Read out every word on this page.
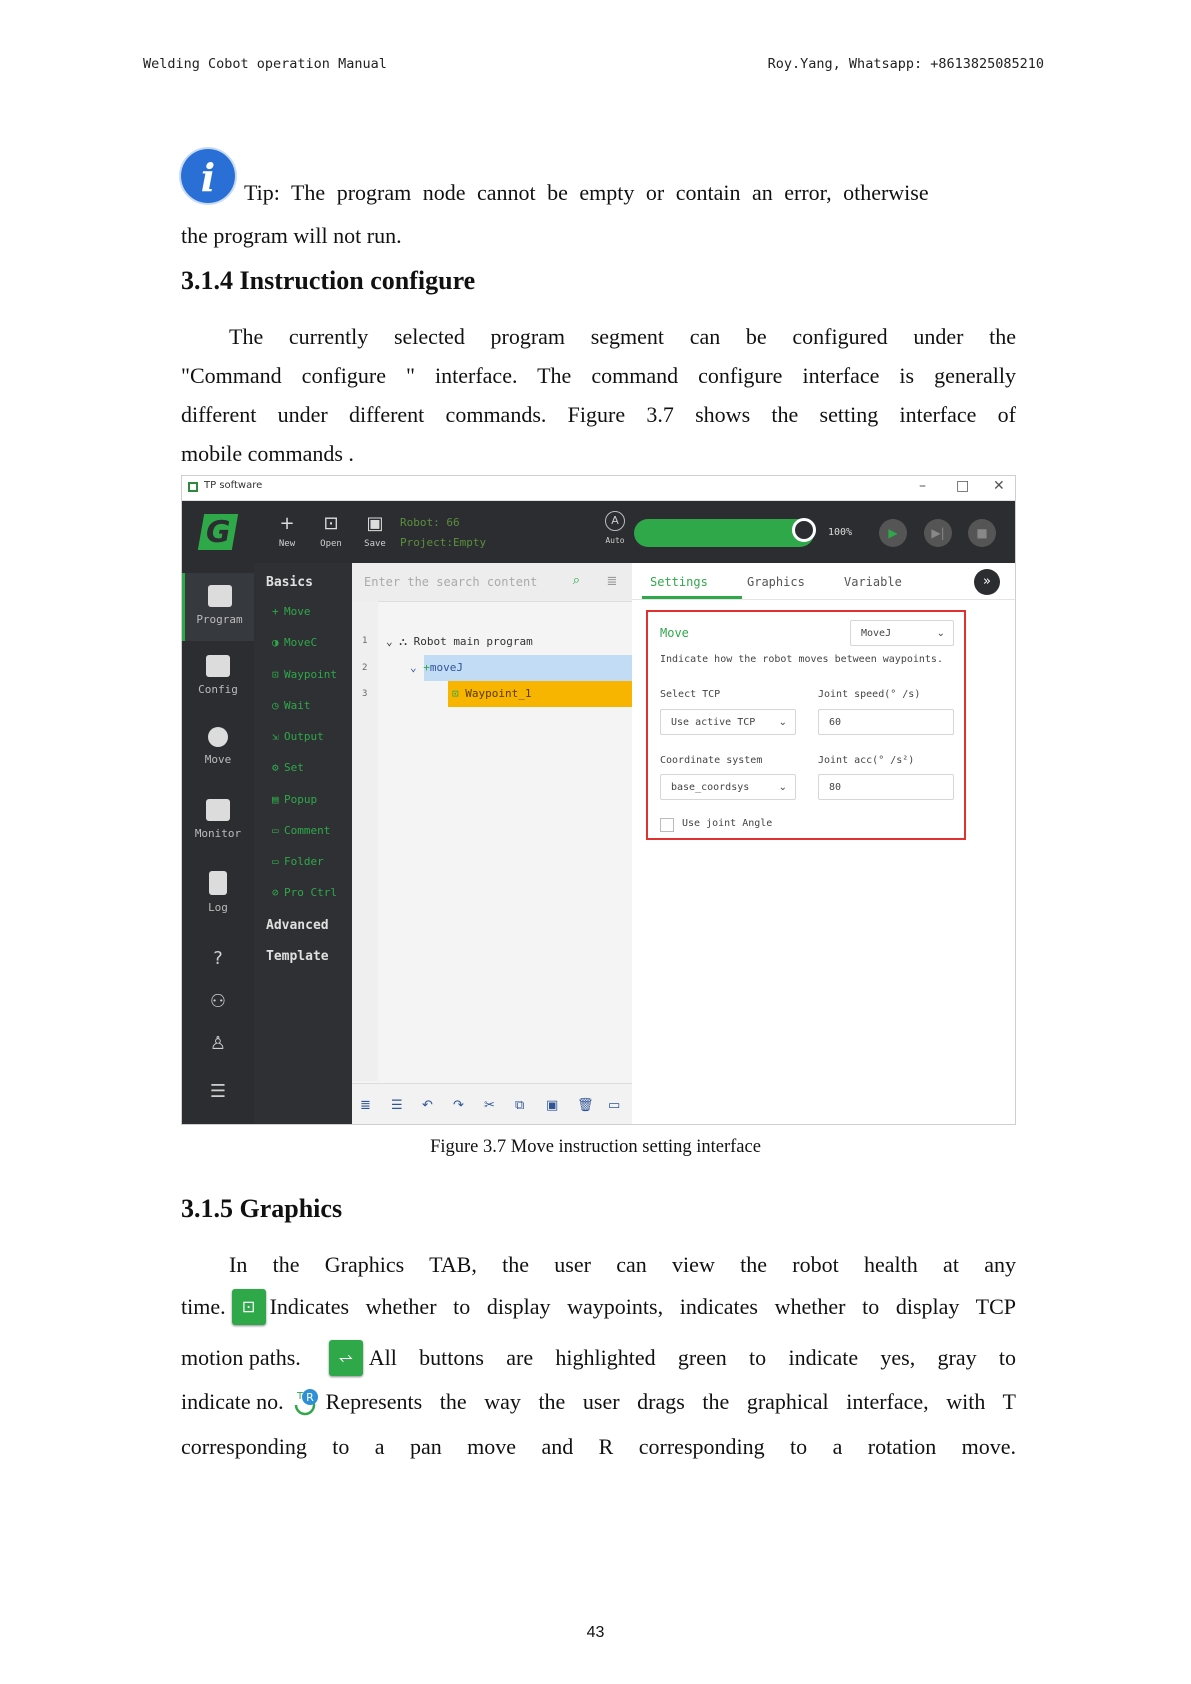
Welding Cobot operation Manual	Roy.Yang, Whatsapp: +8613825085210
i	Tip: The program node cannot be empty or contain an error, otherwise
the program will not run.
3.1.4 Instruction configure
The currently selected program segment can be configured under the
"Command configure " interface. The command configure interface is generally
different under different commands. Figure 3.7 shows the setting interface of
mobile commands .
TP software	– □ ✕
G	+
New
⊡
Open
▣
Save
Robot: 66
Project:Empty
A
Auto
100%	▶	▶|	■
Program
Config
Move
Monitor
Log
?
⚇
♙
☰
Basics
+ Move
◑ MoveC
⊡ Waypoint
◷ Wait
⇲ Output
⚙ Set
▤ Popup
▭ Comment
▭ Folder
⊘ Pro Ctrl
Advanced
Template
Enter the search content	⌕	≣
1
2
3
⌄ ⛬ Robot main program
⌄ +moveJ
⊡ Waypoint_1
≣ ☰ ↶ ↷ ✂ ⧉ ▣ 🗑 ▭
Settings	Graphics	Variable	»
Move	MoveJ	⌄
Indicate how the robot moves between waypoints.
Select TCP	Joint speed(° /s)
Use active TCP ⌄	60
Coordinate system	Joint acc(° /s²)
base_coordsys	⌄	80
Use joint Angle
Figure 3.7 Move instruction setting interface
3.1.5 Graphics
In the Graphics TAB, the user can view the robot health at any
time.	⊡ Indicates whether to display waypoints, indicates whether to display TCP
motion paths.	⥋ All buttons are highlighted green to indicate yes, gray to
indicate no. R
T Represents the way the user drags the graphical interface, with T
corresponding to a pan move and R corresponding to a rotation move.
43
